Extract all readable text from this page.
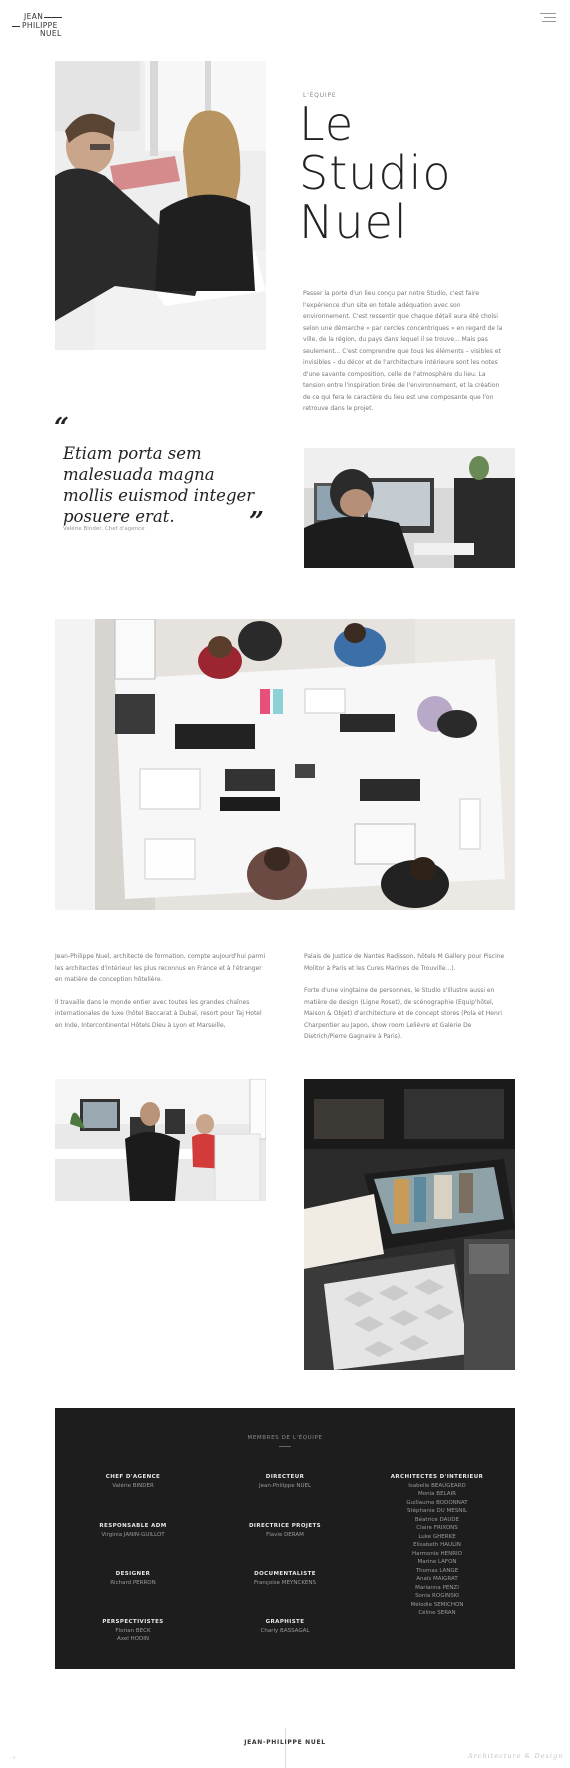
JEAN
PHILIPPE
NUEL
L'ÉQUIPE
Le
Studio
Nuel

Passer la porte d'un lieu conçu par notre Studio, c'est faire l'expérience d'un site en totale adéquation avec son environnement. C'est ressentir que chaque détail aura été choisi selon une démarche « par cercles concentriques » en regard de la ville, de la région, du pays dans lequel il se trouve... Mais pas seulement... C'est comprendre que tous les éléments – visibles et invisibles – du décor et de l'architecture intérieure sont les notes d'une savante composition, celle de l'atmosphère du lieu. La tension entre l'inspiration tirée de l'environnement, et la création de ce qui fera le caractère du lieu est une composante que l'on retrouve dans le projet.

“
Etiam porta sem malesuada magna mollis euismod integer posuere erat.
Valérie Binder, Chef d'agence	”

Jean-Philippe Nuel, architecte de formation, compte aujourd'hui parmi les architectes d'intérieur les plus reconnus en France et à l'étranger en matière de conception hôtelière.

Il travaille dans le monde entier avec toutes les grandes chaînes internationales de luxe (hôtel Baccarat à Dubaï, resort pour Taj Hotel en Inde, Intercontinental Hôtels Dieu à Lyon et Marseille,

Palais de Justice de Nantes Radisson, hôtels M Gallery pour Piscine Molitor à Paris et les Cures Marines de Trouville...).

Forte d'une vingtaine de personnes, le Studio s'illustre aussi en matière de design (Ligne Roset), de scénographie (Equip'hôtel, Maison & Objet) d'architecture et de concept stores (Pola et Henri Charpentier au Japon, show room Lelièvre et Galerie De Dietrich/Pierre Gagnaire à Paris).

MEMBRES DE L'ÉQUIPE
CHEF D'AGENCE
Valérie BINDER
RESPONSABLE ADM
Virginia JANIN-GUILLOT
DESIGNER
Richard PERRON
PERSPECTIVISTES
Florian BECK
Axel HODIN
DIRECTEUR
Jean-Philippe NUEL
DIRECTRICE PROJETS
Flavie DERAM
DOCUMENTALISTE
Françoise MEYNCKENS
GRAPHISTE
Charly BASSAGAL
ARCHITECTES D'INTERIEUR
Isabelle BEAUGEARD
Monia BELAIR
Guillaume BODONNAT
Stéphanie DU MESNIL
Béatrice DAUDE
Claire FRIXONS
Luke GHERKE
Elisabeth HAULIN
Harmonie HENRIO
Marine LAFON
Thomas LANGE
Anaïs MAIGRAT
Marianna PENZI
Sonia ROGINSKI
Mélodie SEMICHON
Céline SERAN
JEAN-PHILIPPE NUEL
Architecture & Design
· º
